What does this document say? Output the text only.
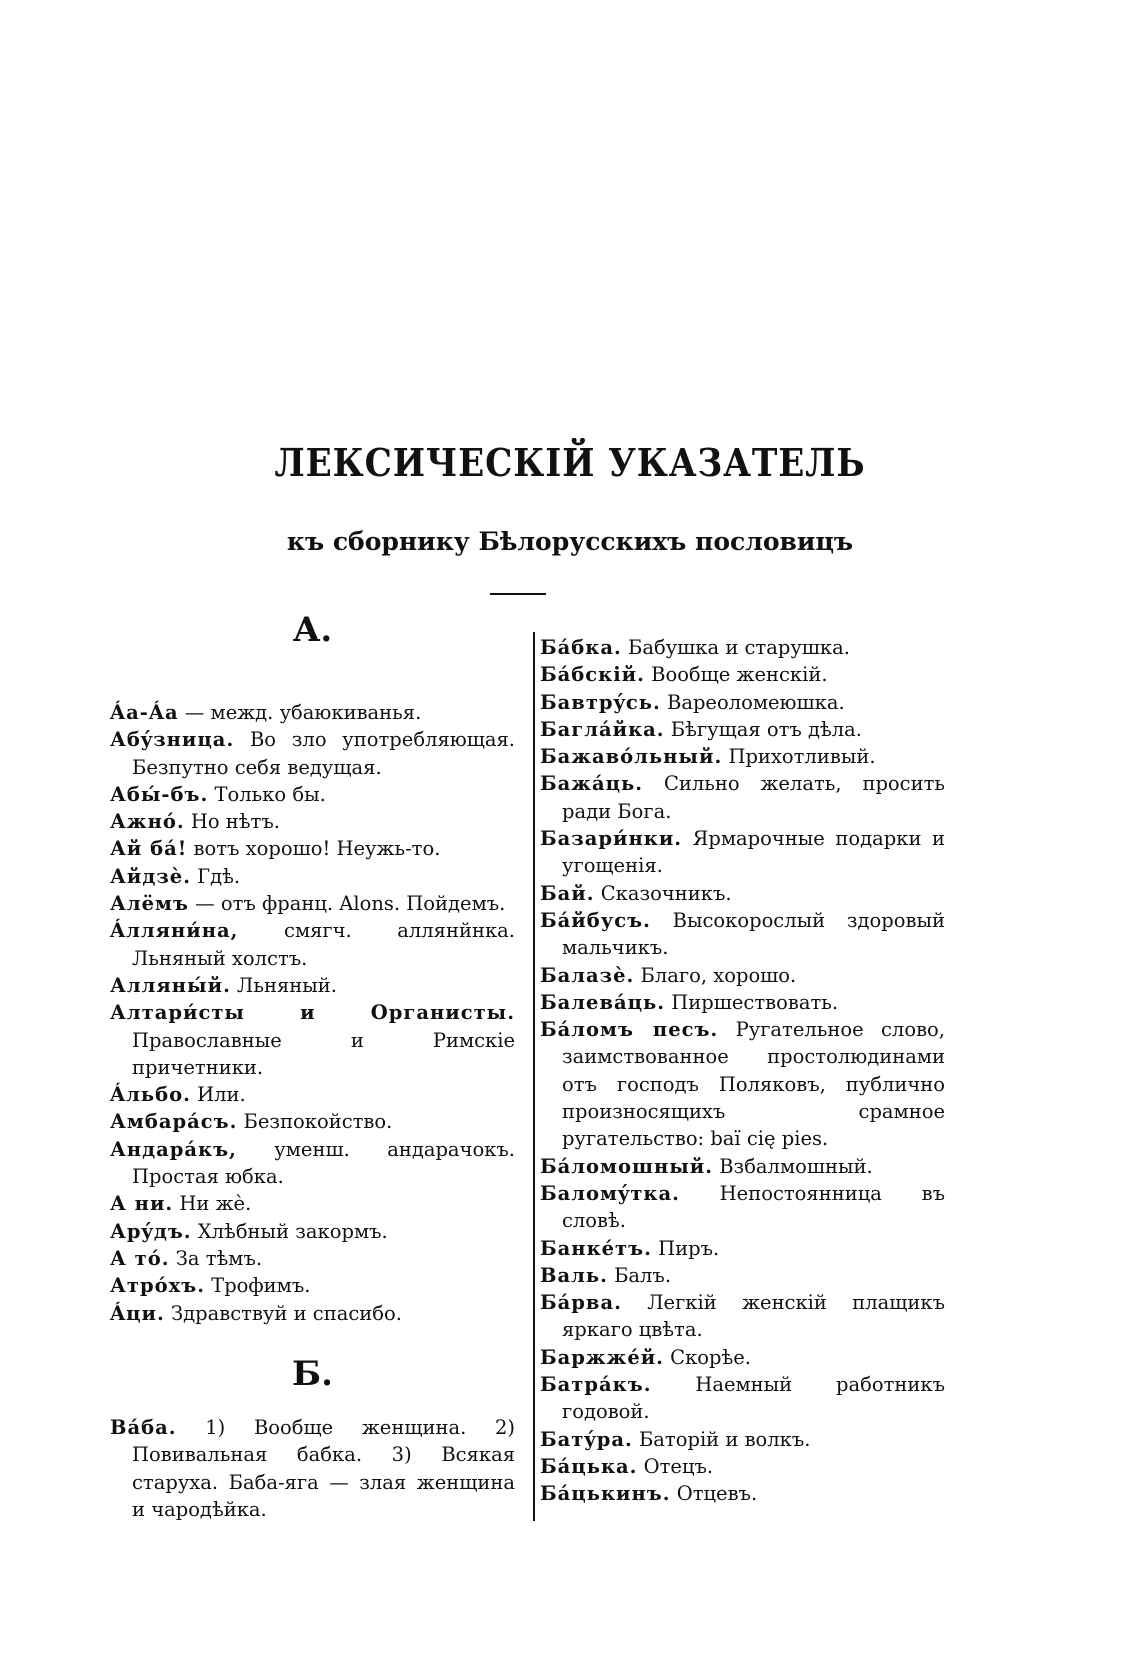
ЛЕКСИЧЕСКІЙ УКАЗАТЕЛЬ
къ сборнику Бѣлорусскихъ пословицъ
А.
Áа-Áа — межд. убаюкиванья.
Абýзница. Во зло употребляющая. Безпутно себя ведущая.
Абы́-бъ. Только бы.
Ажно́. Но нѣтъ.
Ай ба́! вотъ хорошо! Неужь-то.
Айдзѐ. Гдѣ.
Алёмъ — отъ франц. Alons. Пойдемъ.
Áлляни́на, смягч. аллянйнка. Льняный холстъ.
Алляны́й. Льняный.
Алтари́сты и Органисты. Православные и Римскіе причетники.
Áльбо. Или.
Амбара́съ. Безпокойство.
Андара́къ, уменш. андарачокъ. Простая юбка.
А ни. Ни жѐ.
Арýдъ. Хлѣбный закормъ.
А то́. За тѣмъ.
Атро́хъ. Трофимъ.
Áци. Здравствуй и спасибо.
Б.
Ва́ба. 1) Вообще женщина. 2) Повивальная бабка. 3) Всякая старуха. Баба-яга — злая женщина и чародѣйка.
Ба́бка. Бабушка и старушка.
Ба́бскій. Вообще женскій.
Бавтрýсь. Вареоломеюшка.
Багла́йка. Бѣгущая отъ дѣла.
Бажаво́льный. Прихотливый.
Бажа́ць. Сильно желать, просить ради Бога.
Базари́нки. Ярмарочные подарки и угощенія.
Бай. Сказочникъ.
Ба́йбусъ. Высокорослый здоровый мальчикъ.
Балазѐ. Благо, хорошо.
Балева́ць. Пиршествовать.
Ба́ломъ песъ. Ругательное слово, заимствованное простолюдинами отъ господъ Поляковъ, публично произносящихъ срамное ругательство: baï cię pies.
Ба́ломошный. Взбалмошный.
Баломýтка. Непостоянница въ словѣ.
Банке́тъ. Пиръ.
Валь. Балъ.
Ба́рва. Легкій женскій плащикъ яркаго цвѣта.
Баржже́й. Скорѣе.
Батра́къ. Наемный работникъ годовой.
Батýра. Баторій и волкъ.
Ба́цька. Отецъ.
Ба́цькинъ. Отцевъ.
